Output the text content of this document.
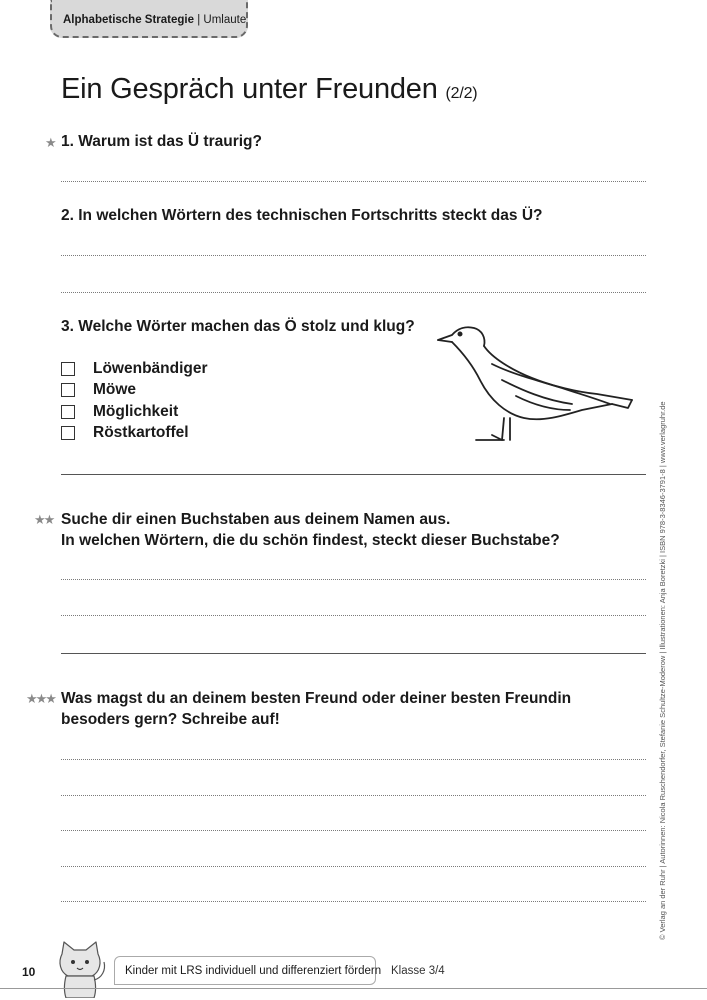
Alphabetische Strategie | Umlaute
Ein Gespräch unter Freunden (2/2)
★ 1. Warum ist das Ü traurig?
2. In welchen Wörtern des technischen Fortschritts steckt das Ü?
3. Welche Wörter machen das Ö stolz und klug?
Löwenbändiger
Möwe
Möglichkeit
Röstkartoffel
★★ Suche dir einen Buchstaben aus deinem Namen aus.
In welchen Wörtern, die du schön findest, steckt dieser Buchstabe?
★★★ Was magst du an deinem besten Freund oder deiner besten Freundin
besoders gern? Schreibe auf!	© Verlag an der Ruhr | Autorinnen: Nicola Ruschendorfer, Stefanie Schultze-Moderow | Illustrationen: Anja Boretzki | ISBN 978-3-8346-3791-8 | www.verlagruhr.de
10	Kinder mit LRS individuell und differenziert fördern Klasse 3/4
